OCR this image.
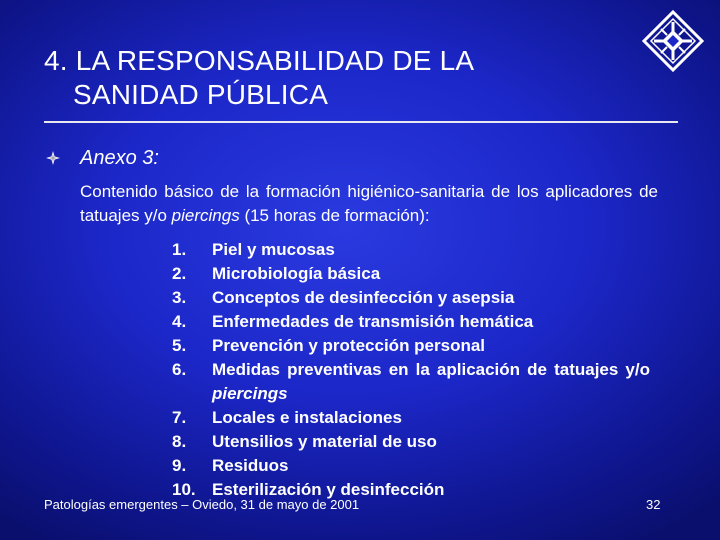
4. LA RESPONSABILIDAD DE LA
SANIDAD PÚBLICA
Anexo 3:
Contenido básico de la formación higiénico-sanitaria de los aplicadores de tatuajes y/o piercings (15 horas de formación):
1.	Piel y mucosas
2.	Microbiología básica
3.	Conceptos de desinfección y asepsia
4.	Enfermedades de transmisión hemática
5.	Prevención y protección personal
6.	Medidas preventivas en la aplicación de tatuajes y/o piercings
7.	Locales e instalaciones
8.	Utensilios y material de uso
9.	Residuos
10. Esterilización y desinfección
Patologías emergentes – Oviedo, 31 de mayo de 2001	32
